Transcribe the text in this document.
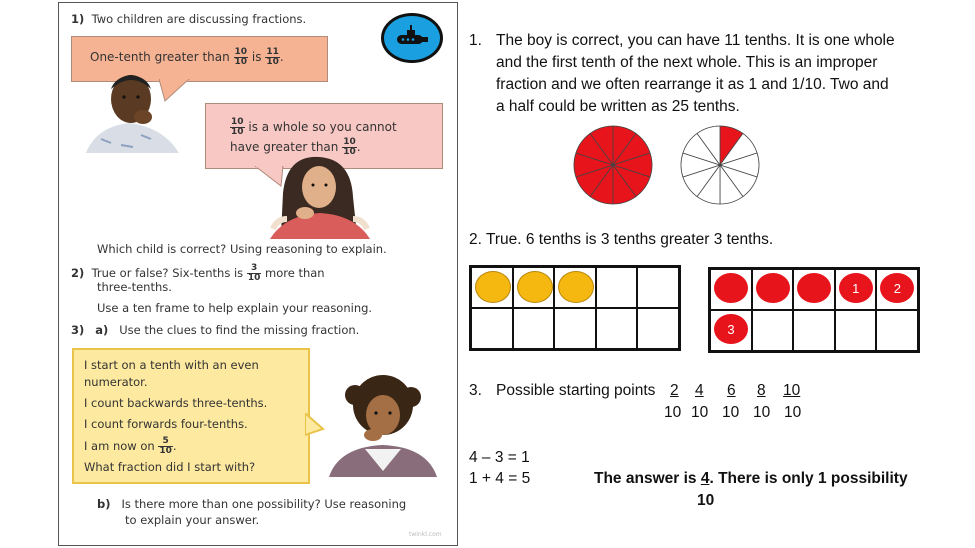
1) Two children are discussing fractions.
One-tenth greater than $\frac{10}{10}$ is $\frac{11}{10}$ .
$\frac{10}{10}$ is a whole so you cannot
have greater than $\frac{10}{10}$ .
Which child is correct? Using reasoning to explain.
2) True or false? Six-tenths is $\frac{3}{10}$ more than
three-tenths.
Use a ten frame to help explain your reasoning.
3) a) Use the clues to find the missing fraction.
I start on a tenth with an even
numerator.
I count backwards three-tenths.
I count forwards four-tenths.
I am now on $\frac{5}{10}$ .
What fraction did I start with?
b) Is there more than one possibility? Use reasoning
to explain your answer.
twinkl.com
1. The boy is correct, you can have 11 tenths. It is one whole
and the first tenth of the next whole. This is an improper
fraction and we often rearrange it as 1 and 1/10. Two and
a half could be written as 25 tenths.
2. True. 6 tenths is 3 tenths greater 3 tenths.
1	2
3
3. Possible starting points 2 4 6 8 10
10 10 10 10 10
4 – 3 = 1
1 + 4 = 5	The answer is 4. There is only 1 possibility
10
